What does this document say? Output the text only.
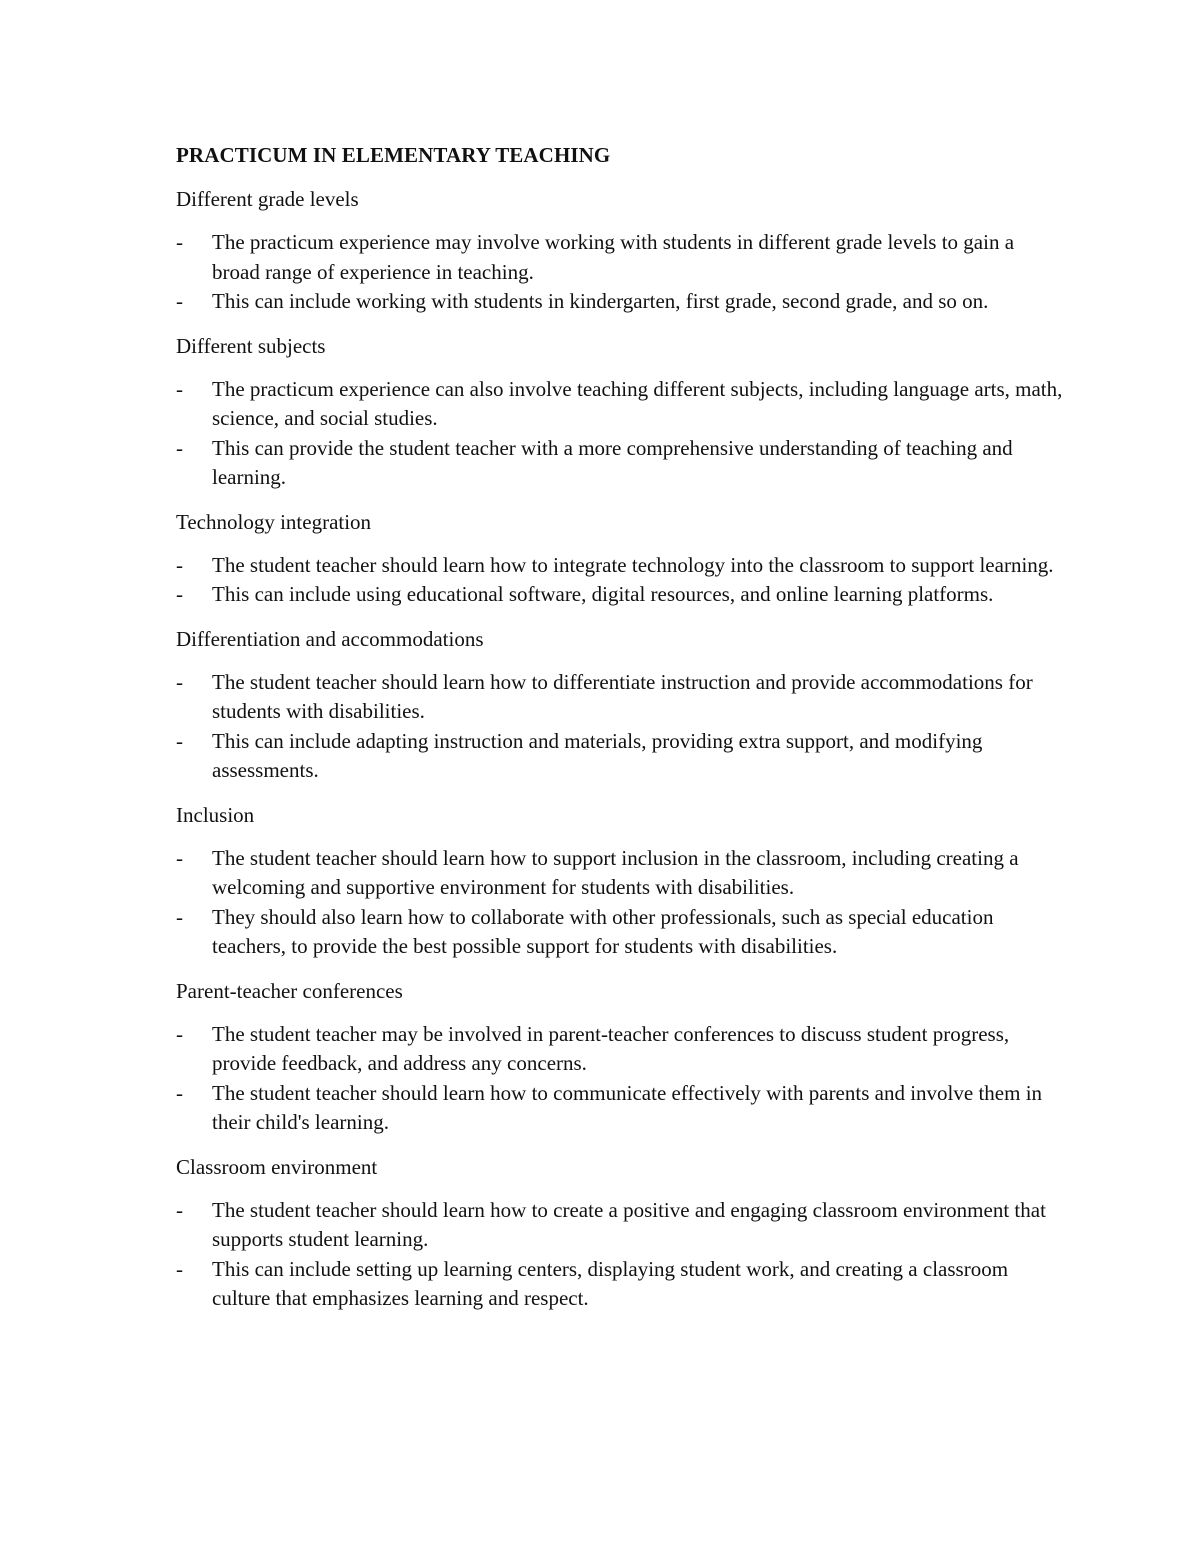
PRACTICUM IN ELEMENTARY TEACHING
Different grade levels
-	The practicum experience may involve working with students in different grade levels to gain a broad range of experience in teaching.
-	This can include working with students in kindergarten, first grade, second grade, and so on.
Different subjects
-	The practicum experience can also involve teaching different subjects, including language arts, math, science, and social studies.
-	This can provide the student teacher with a more comprehensive understanding of teaching and learning.
Technology integration
-	The student teacher should learn how to integrate technology into the classroom to support learning.
-	This can include using educational software, digital resources, and online learning platforms.
Differentiation and accommodations
-	The student teacher should learn how to differentiate instruction and provide accommodations for students with disabilities.
-	This can include adapting instruction and materials, providing extra support, and modifying assessments.
Inclusion
-	The student teacher should learn how to support inclusion in the classroom, including creating a welcoming and supportive environment for students with disabilities.
-	They should also learn how to collaborate with other professionals, such as special education teachers, to provide the best possible support for students with disabilities.
Parent-teacher conferences
-	The student teacher may be involved in parent-teacher conferences to discuss student progress, provide feedback, and address any concerns.
-	The student teacher should learn how to communicate effectively with parents and involve them in their child's learning.
Classroom environment
-	The student teacher should learn how to create a positive and engaging classroom environment that supports student learning.
-	This can include setting up learning centers, displaying student work, and creating a classroom culture that emphasizes learning and respect.
